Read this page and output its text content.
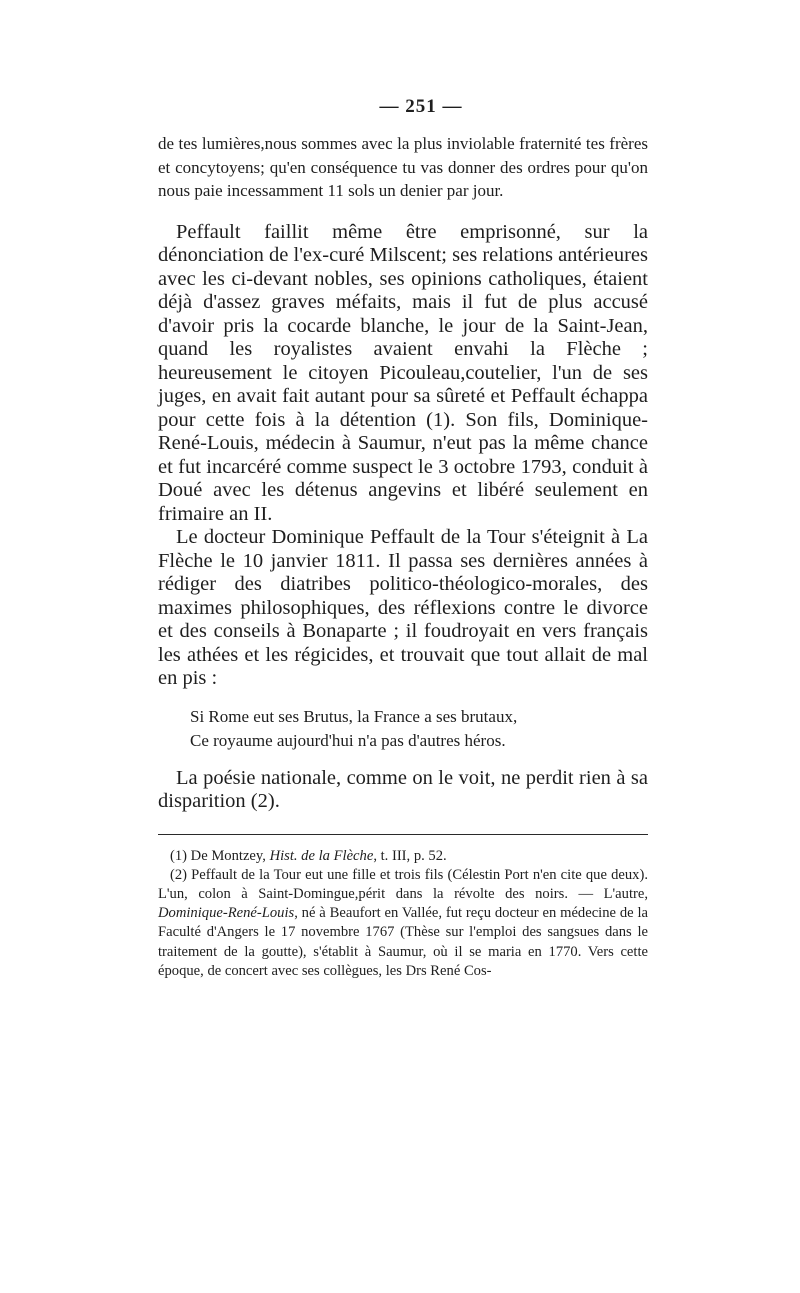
— 251 —

de tes lumières,nous sommes avec la plus inviolable fraternité tes frères et concytoyens; qu'en conséquence tu vas donner des ordres pour qu'on nous paie incessamment 11 sols un denier par jour.

Peffault faillit même être emprisonné, sur la dénonciation de l'ex-curé Milscent; ses relations antérieures avec les ci-devant nobles, ses opinions catholiques, étaient déjà d'assez graves méfaits, mais il fut de plus accusé d'avoir pris la cocarde blanche, le jour de la Saint-Jean, quand les royalistes avaient envahi la Flèche ; heureusement le citoyen Picouleau,coutelier, l'un de ses juges, en avait fait autant pour sa sûreté et Peffault échappa pour cette fois à la détention (1). Son fils, Dominique-René-Louis, médecin à Saumur, n'eut pas la même chance et fut incarcéré comme suspect le 3 octobre 1793, conduit à Doué avec les détenus angevins et libéré seulement en frimaire an II.

Le docteur Dominique Peffault de la Tour s'éteignit à La Flèche le 10 janvier 1811. Il passa ses dernières années à rédiger des diatribes politico-théologico-morales, des maximes philosophiques, des réflexions contre le divorce et des conseils à Bonaparte ; il foudroyait en vers français les athées et les régicides, et trouvait que tout allait de mal en pis :

Si Rome eut ses Brutus, la France a ses brutaux,
Ce royaume aujourd'hui n'a pas d'autres héros.

La poésie nationale, comme on le voit, ne perdit rien à sa disparition (2).

(1) De Montzey, Hist. de la Flèche, t. III, p. 52.

(2) Peffault de la Tour eut une fille et trois fils (Célestin Port n'en cite que deux). L'un, colon à Saint-Domingue,périt dans la révolte des noirs. — L'autre, Dominique-René-Louis, né à Beaufort en Vallée, fut reçu docteur en médecine de la Faculté d'Angers le 17 novembre 1767 (Thèse sur l'emploi des sangsues dans le traitement de la goutte), s'établit à Saumur, où il se maria en 1770. Vers cette époque, de concert avec ses collègues, les Drs René Cos-
